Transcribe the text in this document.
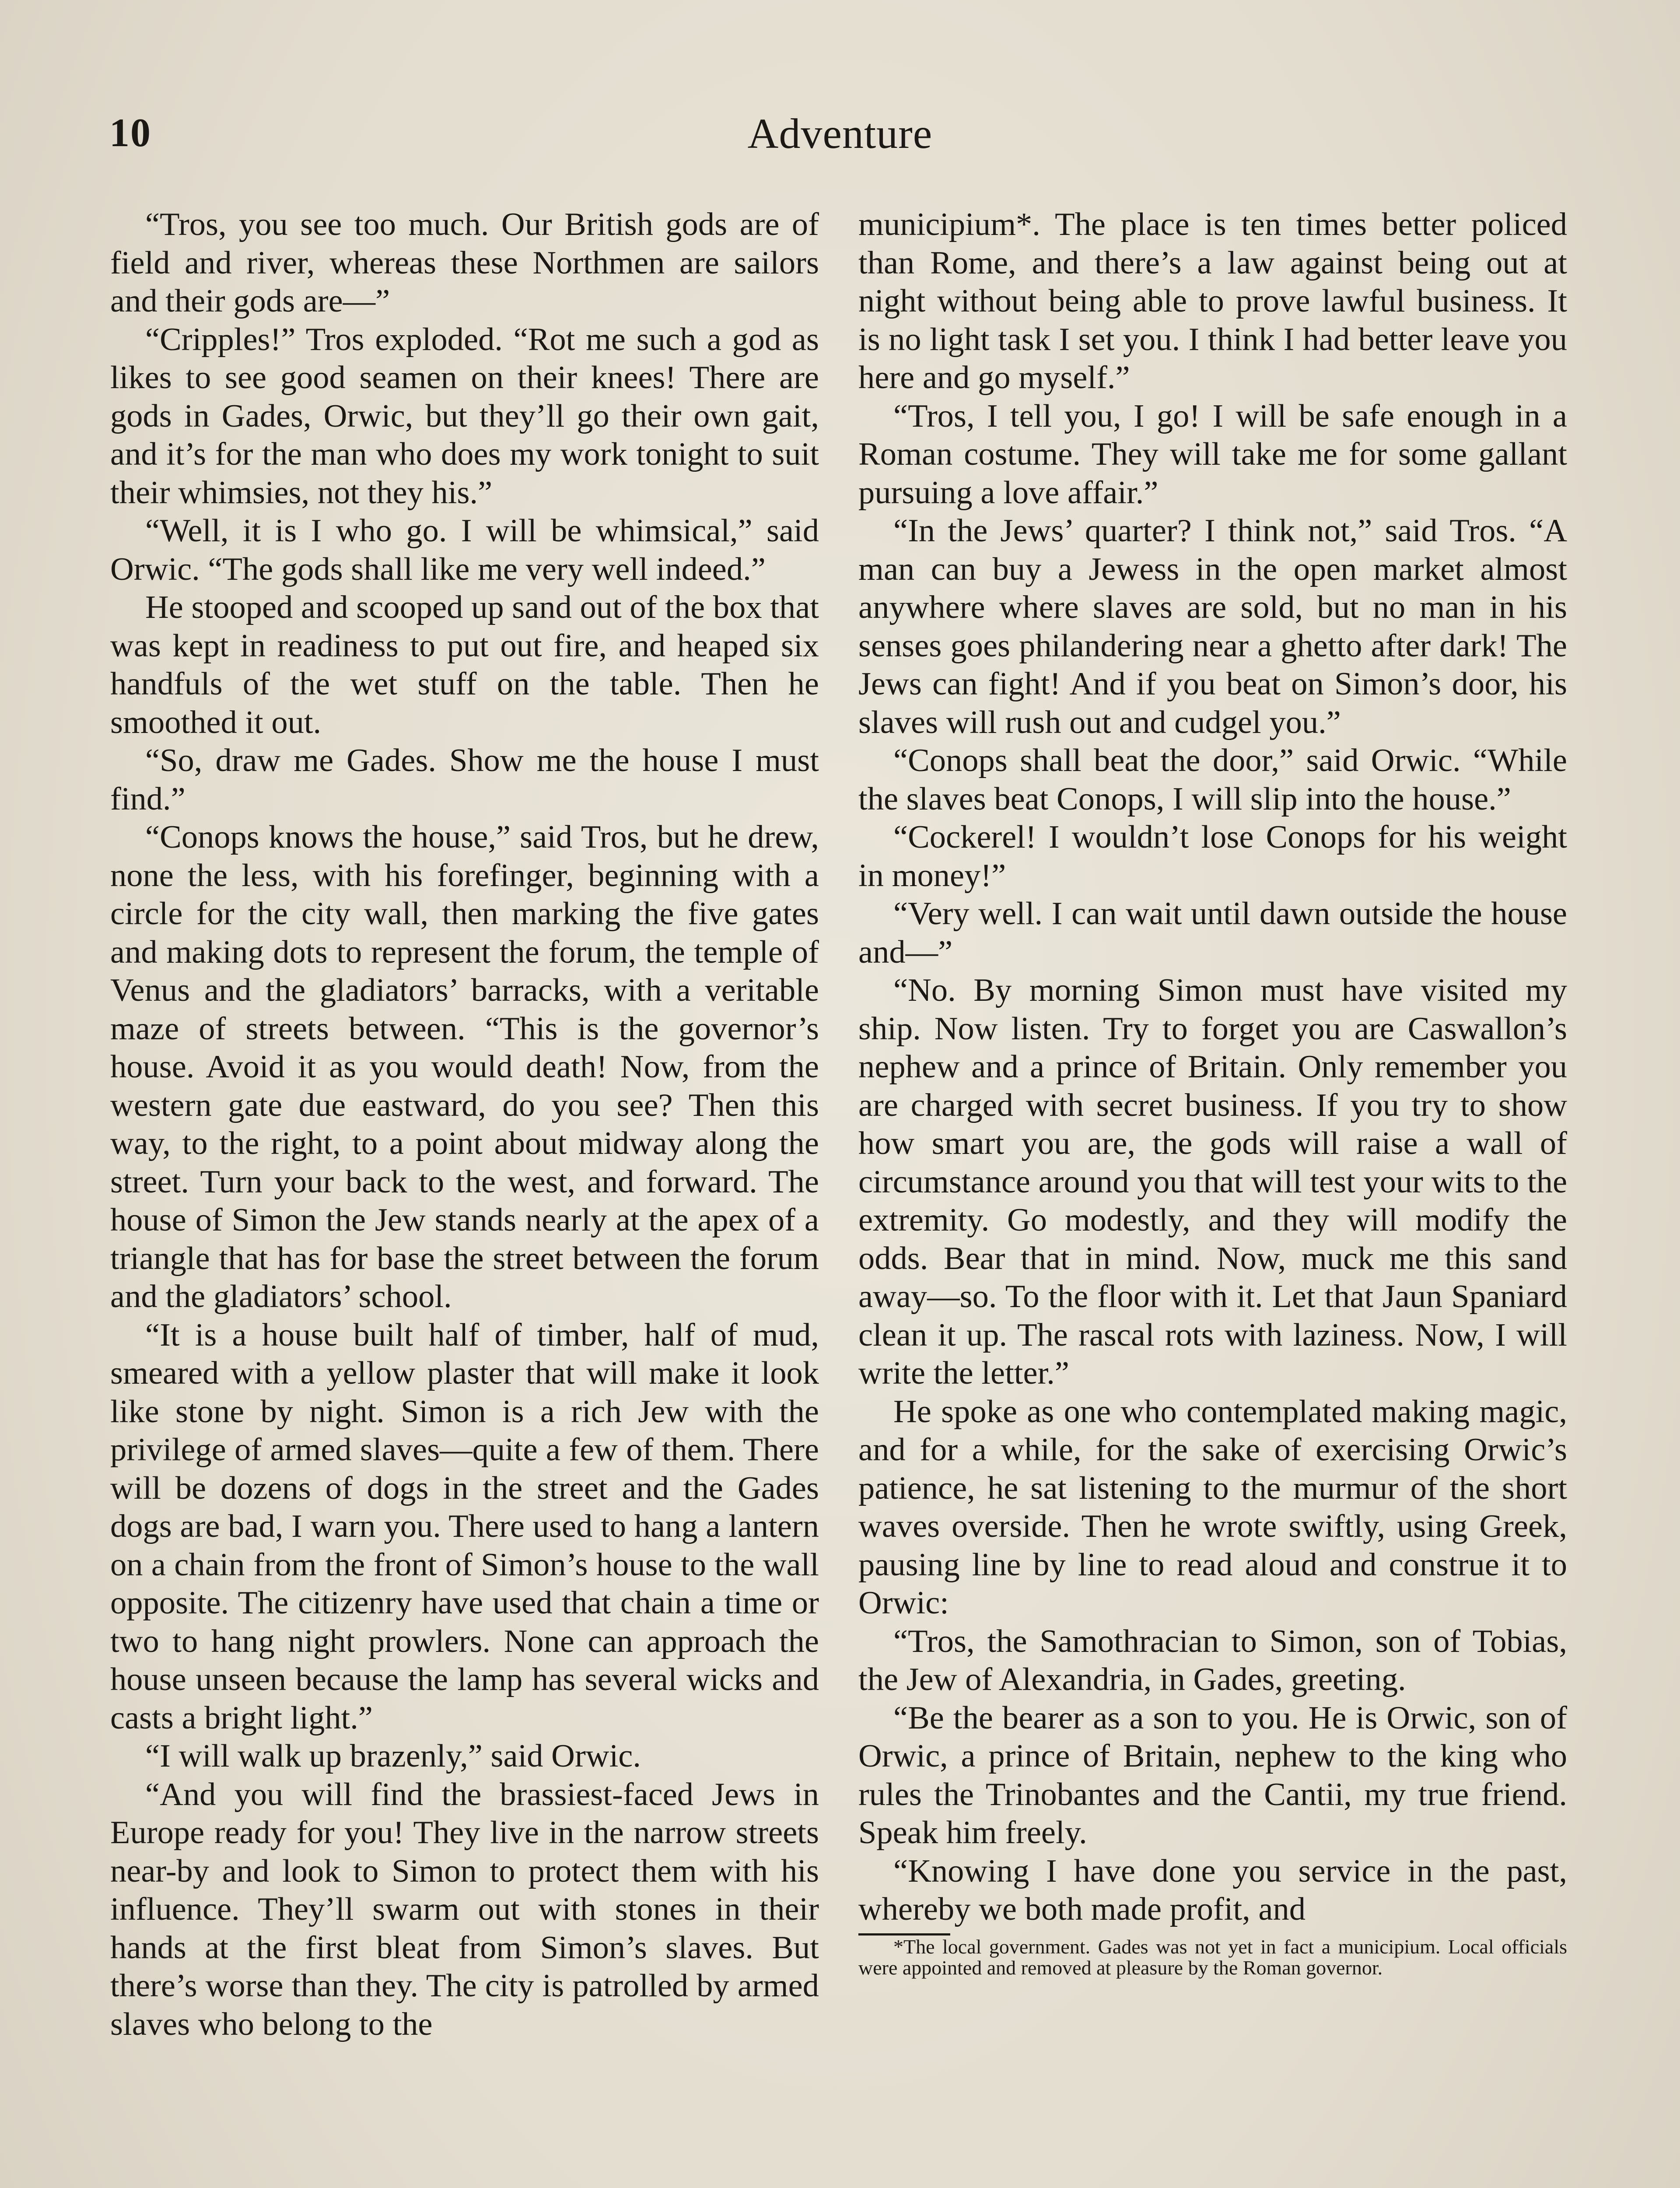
10	Adventure

“Tros, you see too much. Our British gods are of field and river, whereas these Northmen are sailors and their gods are—”

“Cripples!” Tros exploded. “Rot me such a god as likes to see good seamen on their knees! There are gods in Gades, Orwic, but they’ll go their own gait, and it’s for the man who does my work tonight to suit their whimsies, not they his.”

“Well, it is I who go. I will be whimsical,” said Orwic. “The gods shall like me very well indeed.”

He stooped and scooped up sand out of the box that was kept in readiness to put out fire, and heaped six handfuls of the wet stuff on the table. Then he smoothed it out.

“So, draw me Gades. Show me the house I must find.”

“Conops knows the house,” said Tros, but he drew, none the less, with his forefinger, beginning with a circle for the city wall, then marking the five gates and making dots to represent the forum, the temple of Venus and the gladiators’ barracks, with a veritable maze of streets between. “This is the governor’s house. Avoid it as you would death! Now, from the western gate due eastward, do you see? Then this way, to the right, to a point about midway along the street. Turn your back to the west, and forward. The house of Simon the Jew stands nearly at the apex of a triangle that has for base the street between the forum and the gladiators’ school.

“It is a house built half of timber, half of mud, smeared with a yellow plaster that will make it look like stone by night. Simon is a rich Jew with the privilege of armed slaves—quite a few of them. There will be dozens of dogs in the street and the Gades dogs are bad, I warn you. There used to hang a lantern on a chain from the front of Simon’s house to the wall opposite. The citizenry have used that chain a time or two to hang night prowlers. None can approach the house unseen because the lamp has several wicks and casts a bright light.”

“I will walk up brazenly,” said Orwic.

“And you will find the brassiest-faced Jews in Europe ready for you! They live in the narrow streets near-by and look to Simon to protect them with his influence. They’ll swarm out with stones in their hands at the first bleat from Simon’s slaves. But there’s worse than they. The city is patrolled by armed slaves who belong to the

municipium*. The place is ten times better policed than Rome, and there’s a law against being out at night without being able to prove lawful business. It is no light task I set you. I think I had better leave you here and go myself.”

“Tros, I tell you, I go! I will be safe enough in a Roman costume. They will take me for some gallant pursuing a love affair.”

“In the Jews’ quarter? I think not,” said Tros. “A man can buy a Jewess in the open market almost anywhere where slaves are sold, but no man in his senses goes philandering near a ghetto after dark! The Jews can fight! And if you beat on Simon’s door, his slaves will rush out and cudgel you.”

“Conops shall beat the door,” said Orwic. “While the slaves beat Conops, I will slip into the house.”

“Cockerel! I wouldn’t lose Conops for his weight in money!”

“Very well. I can wait until dawn outside the house and—”

“No. By morning Simon must have visited my ship. Now listen. Try to forget you are Caswallon’s nephew and a prince of Britain. Only remember you are charged with secret business. If you try to show how smart you are, the gods will raise a wall of circumstance around you that will test your wits to the extremity. Go modestly, and they will modify the odds. Bear that in mind. Now, muck me this sand away—so. To the floor with it. Let that Jaun Spaniard clean it up. The rascal rots with laziness. Now, I will write the letter.”

He spoke as one who contemplated making magic, and for a while, for the sake of exercising Orwic’s patience, he sat listening to the murmur of the short waves overside. Then he wrote swiftly, using Greek, pausing line by line to read aloud and construe it to Orwic:

“Tros, the Samothracian to Simon, son of Tobias, the Jew of Alexandria, in Gades, greeting.

“Be the bearer as a son to you. He is Orwic, son of Orwic, a prince of Britain, nephew to the king who rules the Trinobantes and the Cantii, my true friend. Speak him freely.

“Knowing I have done you service in the past, whereby we both made profit, and

*The local government. Gades was not yet in fact a municipium. Local officials were appointed and removed at pleasure by the Roman governor.
